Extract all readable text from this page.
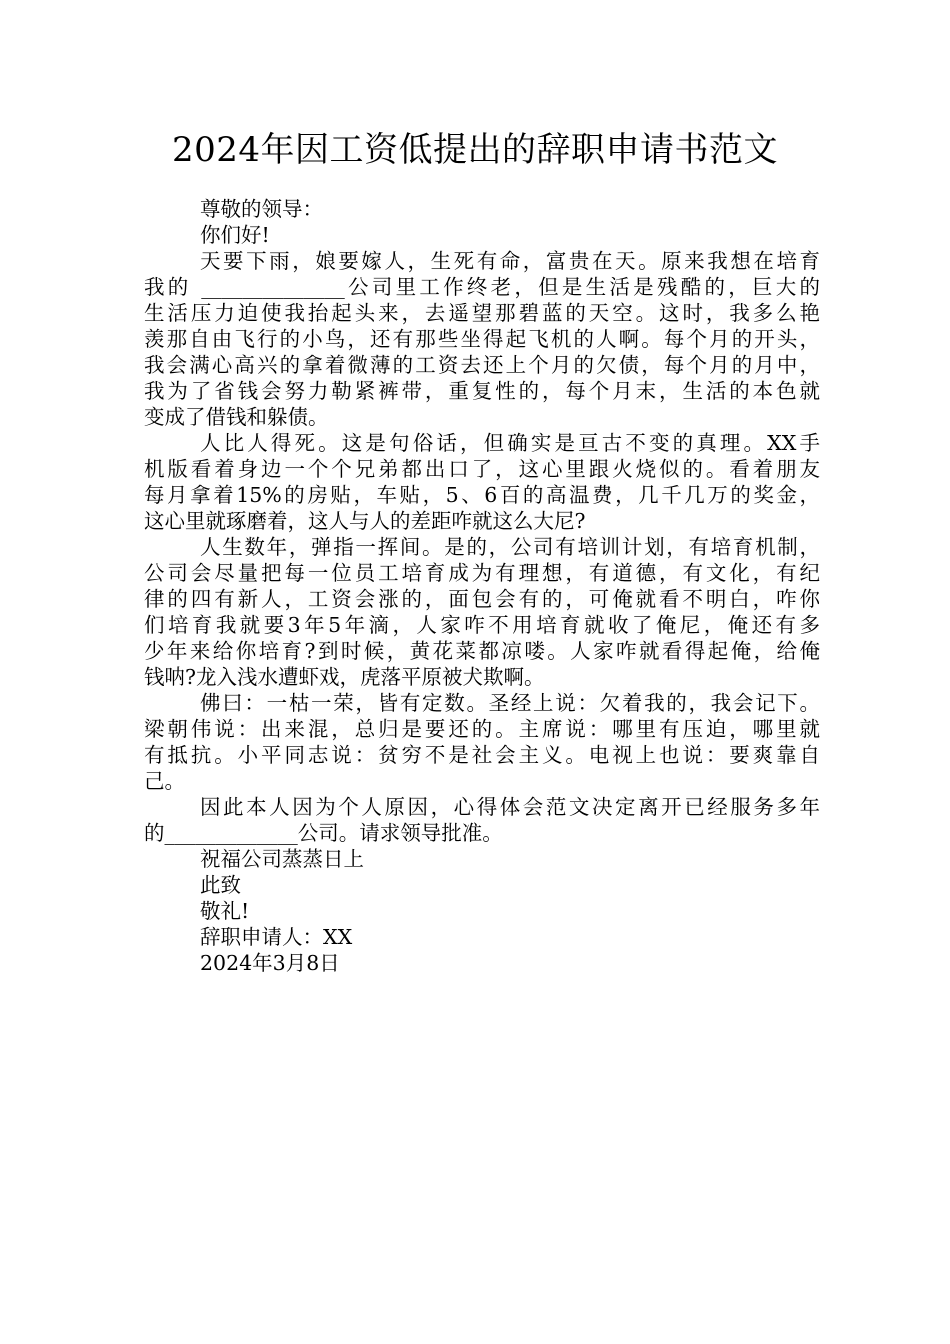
2024年因工资低提出的辞职申请书范文
尊敬的领导：
你们好!
天要下雨，娘要嫁人，生死有命，富贵在天。原来我想在培育
我的 ______________公司里工作终老，但是生活是残酷的，巨大的
生活压力迫使我抬起头来，去遥望那碧蓝的天空。这时，我多么艳
羡那自由飞行的小鸟，还有那些坐得起飞机的人啊。每个月的开头，
我会满心高兴的拿着微薄的工资去还上个月的欠债，每个月的月中，
我为了省钱会努力勒紧裤带，重复性的，每个月末，生活的本色就
变成了借钱和躲债。
人比人得死。这是句俗话，但确实是亘古不变的真理。XX手
机版看着身边一个个兄弟都出口了，这心里跟火烧似的。看着朋友
每月拿着15%的房贴，车贴，5、6百的高温费，几千几万的奖金，
这心里就琢磨着，这人与人的差距咋就这么大尼?
人生数年，弹指一挥间。是的，公司有培训计划，有培育机制，
公司会尽量把每一位员工培育成为有理想，有道德，有文化，有纪
律的四有新人，工资会涨的，面包会有的，可俺就看不明白，咋你
们培育我就要3年5年滴，人家咋不用培育就收了俺尼，俺还有多
少年来给你培育?到时候，黄花菜都凉喽。人家咋就看得起俺，给俺
钱呐?龙入浅水遭虾戏，虎落平原被犬欺啊。
佛曰：一枯一荣，皆有定数。圣经上说：欠着我的，我会记下。
梁朝伟说：出来混，总归是要还的。主席说：哪里有压迫，哪里就
有抵抗。小平同志说：贫穷不是社会主义。电视上也说：要爽靠自
己。
因此本人因为个人原因，心得体会范文决定离开已经服务多年
的_____________公司。请求领导批准。
祝福公司蒸蒸日上
此致
敬礼!
辞职申请人：XX
2024年3月8日
